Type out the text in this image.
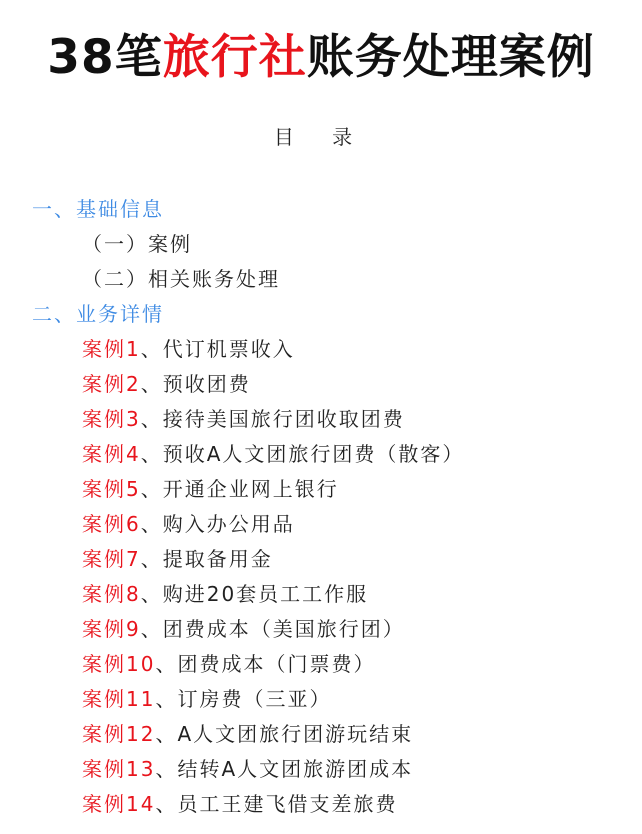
38笔旅行社账务处理案例
目 录
一、基础信息
（一）案例
（二）相关账务处理
二、业务详情
案例1、代订机票收入
案例2、预收团费
案例3、接待美国旅行团收取团费
案例4、预收A人文团旅行团费（散客）
案例5、开通企业网上银行
案例6、购入办公用品
案例7、提取备用金
案例8、购进20套员工工作服
案例9、团费成本（美国旅行团）
案例10、团费成本（门票费）
案例11、订房费（三亚）
案例12、A人文团旅行团游玩结束
案例13、结转A人文团旅游团成本
案例14、员工王建飞借支差旅费
